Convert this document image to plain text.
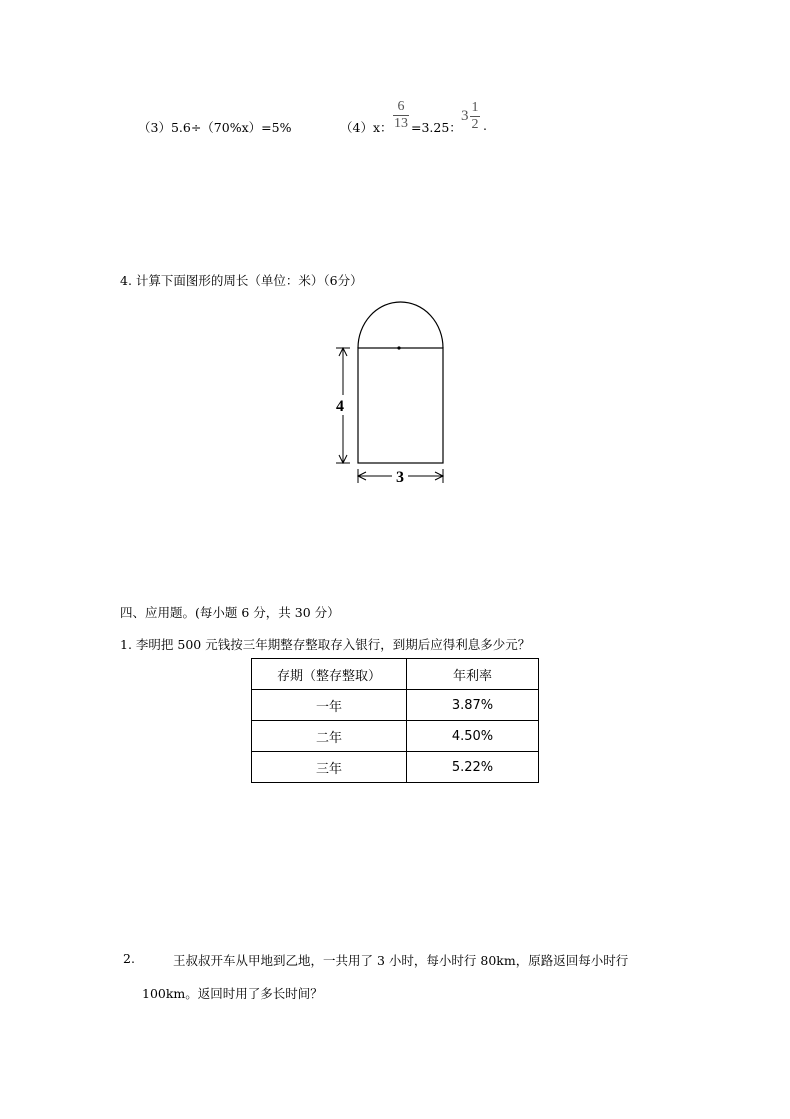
（3）5.6÷（70%x）=5%	（4）x：
6
13 =3.25：
3
1
2 .
4. 计算下面图形的周长（单位：米）（6分）
4
3
四、应用题。(每小题 6 分，共 30 分）
1. 李明把 500 元钱按三年期整存整取存入银行，到期后应得利息多少元？
存期（整存整取）	年利率
一年	3.87%
二年	4.50%
三年	5.22%
2.	王叔叔开车从甲地到乙地，一共用了 3 小时，每小时行 80km，原路返回每小时行
100km。返回时用了多长时间？
